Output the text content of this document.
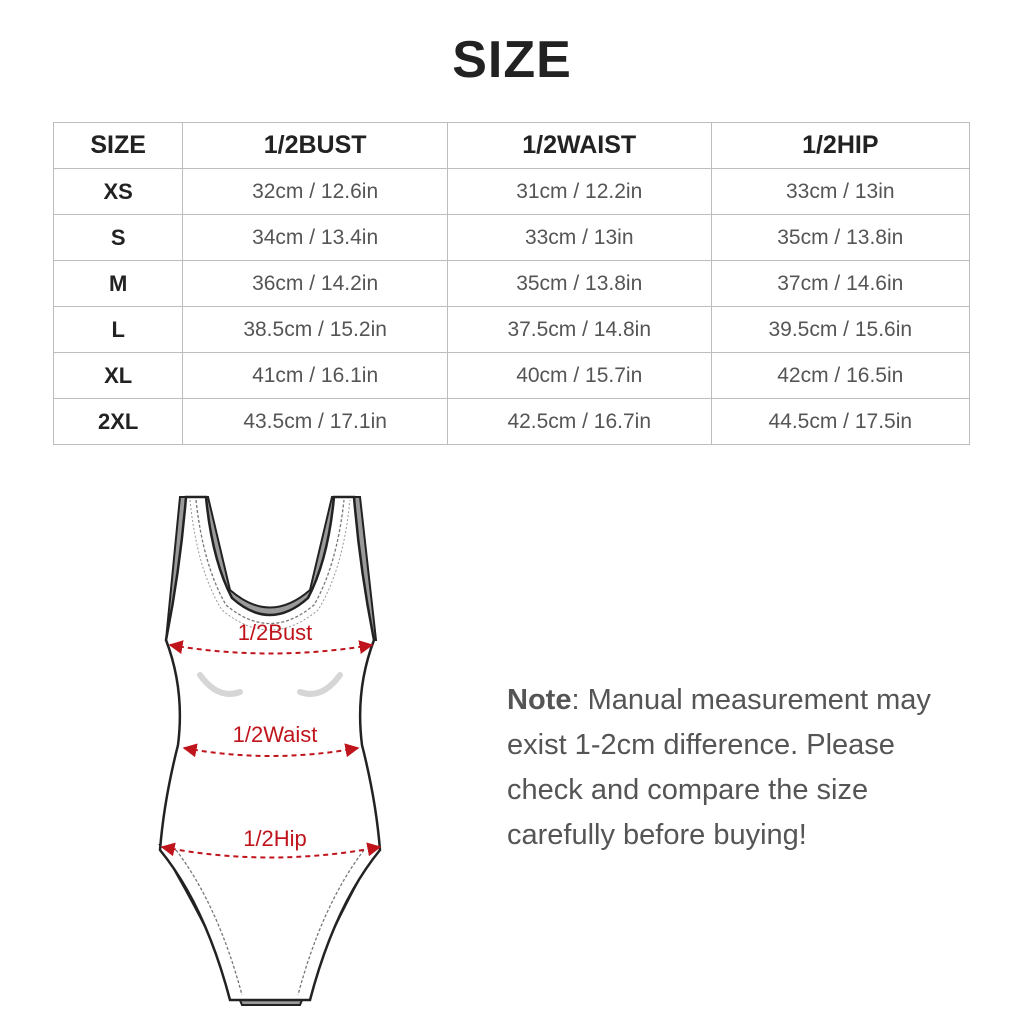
SIZE
SIZE	1/2BUST	1/2WAIST	1/2HIP
XS	32cm / 12.6in	31cm / 12.2in	33cm / 13in
S	34cm / 13.4in	33cm / 13in	35cm / 13.8in
M	36cm / 14.2in	35cm / 13.8in	37cm / 14.6in
L	38.5cm / 15.2in	37.5cm / 14.8in	39.5cm / 15.6in
XL	41cm / 16.1in	40cm / 15.7in	42cm / 16.5in
2XL	43.5cm / 17.1in	42.5cm / 16.7in	44.5cm / 17.5in
1/2Bust
1/2Waist
1/2Hip
Note: Manual measurement may exist 1-2cm difference. Please check and compare the size carefully before buying!
